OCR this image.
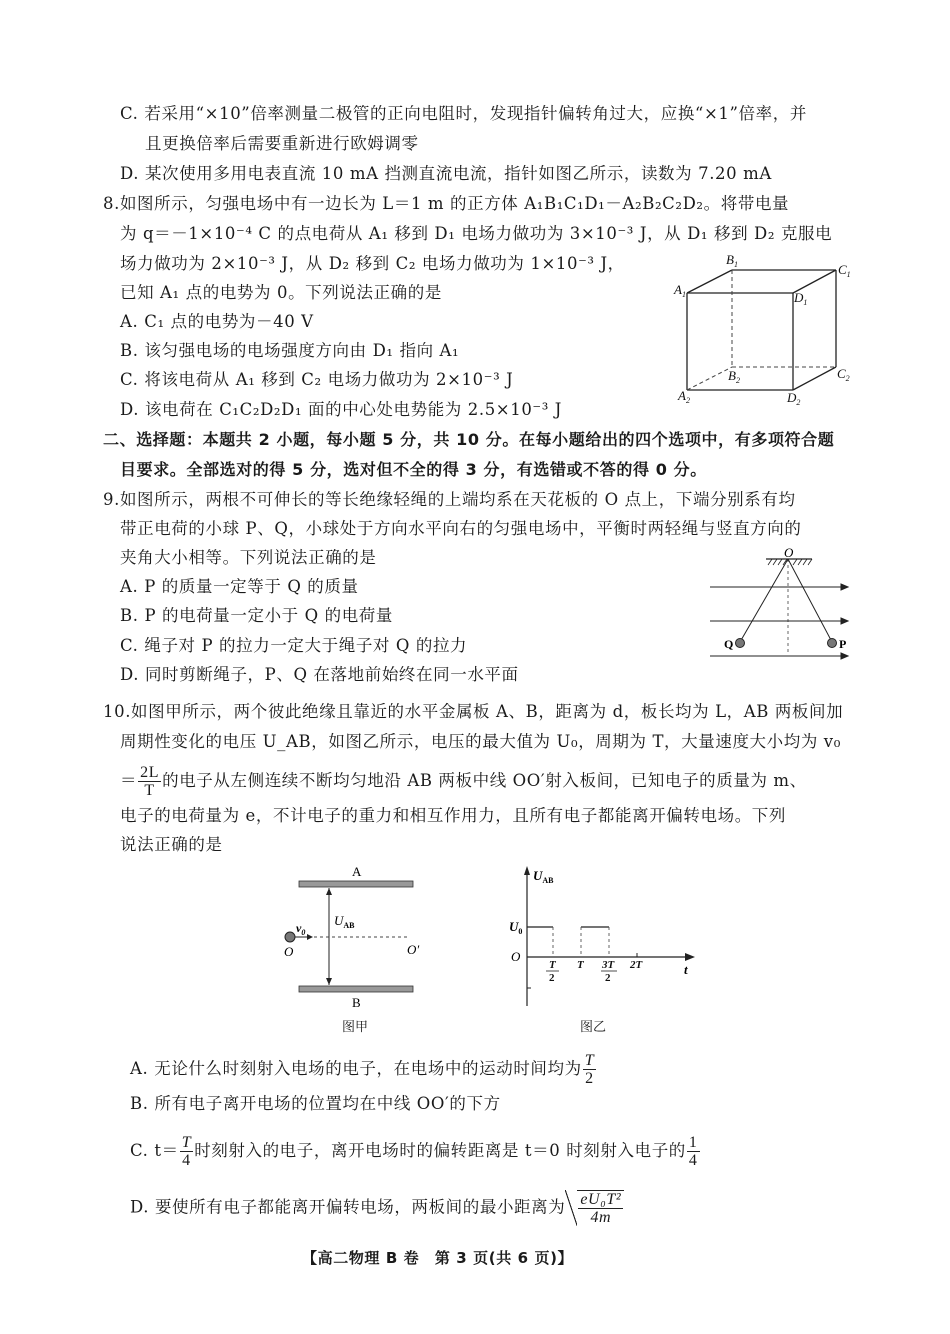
C. 若采用“×10”倍率测量二极管的正向电阻时，发现指针偏转角过大，应换“×1”倍率，并
且更换倍率后需要重新进行欧姆调零
D. 某次使用多用电表直流 10 mA 挡测直流电流，指针如图乙所示，读数为 7.20 mA
8.如图所示，匀强电场中有一边长为 L＝1 m 的正方体 A₁B₁C₁D₁－A₂B₂C₂D₂。将带电量
为 q＝－1×10⁻⁴ C 的点电荷从 A₁ 移到 D₁ 电场力做功为 3×10⁻³ J，从 D₁ 移到 D₂ 克服电
场力做功为 2×10⁻³ J，从 D₂ 移到 C₂ 电场力做功为 1×10⁻³ J，
已知 A₁ 点的电势为 0。下列说法正确的是
A. C₁ 点的电势为－40 V
B. 该匀强电场的电场强度方向由 D₁ 指向 A₁
C. 将该电荷从 A₁ 移到 C₂ 电场力做功为 2×10⁻³ J
D. 该电荷在 C₁C₂D₂D₁ 面的中心处电势能为 2.5×10⁻³ J
$B_1$	$C_1$
$A_1$	$D_1$
$B_2$	$C_2$
$A_2$	$D_2$
二、选择题：本题共 2 小题，每小题 5 分，共 10 分。在每小题给出的四个选项中，有多项符合题
目要求。全部选对的得 5 分，选对但不全的得 3 分，有选错或不答的得 0 分。
9.如图所示，两根不可伸长的等长绝缘轻绳的上端均系在天花板的 O 点上，下端分别系有均
带正电荷的小球 P、Q，小球处于方向水平向右的匀强电场中，平衡时两轻绳与竖直方向的
夹角大小相等。下列说法正确的是
A. P 的质量一定等于 Q 的质量
B. P 的电荷量一定小于 Q 的电荷量
C. 绳子对 P 的拉力一定大于绳子对 Q 的拉力
D. 同时剪断绳子，P、Q 在落地前始终在同一水平面
O
Q	P
10.如图甲所示，两个彼此绝缘且靠近的水平金属板 A、B，距离为 d，板长均为 L，AB 两板间加
周期性变化的电压 U_AB，如图乙所示，电压的最大值为 U₀，周期为 T，大量速度大小均为 v₀
＝ $\frac{2L}{T}$ 的电子从左侧连续不断均匀地沿 AB 两板中线 OO′射入板间，已知电子的质量为 m、
电子的电荷量为 e，不计电子的重力和相互作用力，且所有电子都能离开偏转电场。下列
说法正确的是
A
B
$U_{AB}$
$v_0$
O	O′
图甲
$U_{AB}$
t
O
$U_0$
T
2
T 3T
2
2T
图乙
A. 无论什么时刻射入电场的电子，在电场中的运动时间均为 $\frac{T}{2}$
B. 所有电子离开电场的位置均在中线 OO′的下方
C. $t= \frac{T}{4}$ 时刻射入的电子，离开电场时的偏转距离是 t＝0 时刻射入电子的 $\frac{1}{4}$
D. 要使所有电子都能离开偏转电场，两板间的最小距离为 $\frac{\text{eU₀T²}}{4m}$
【高二物理 B 卷　第 3 页(共 6 页)】
